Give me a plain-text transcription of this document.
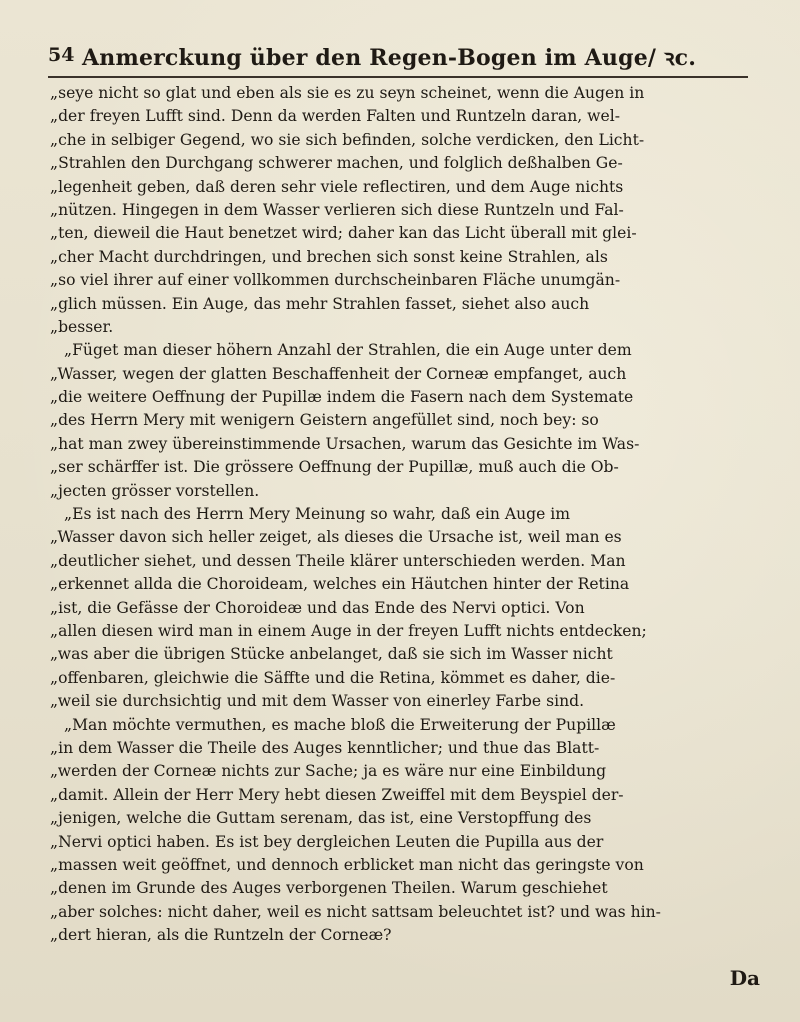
54 Anmerckung über den Regen-Bogen im Auge/ ꝛc.
„seye nicht so glat und eben als sie es zu seyn scheinet, wenn die Augen in
„der freyen Lufft sind. Denn da werden Falten und Runtzeln daran, wel-
„che in selbiger Gegend, wo sie sich befinden, solche verdicken, den Licht-
„Strahlen den Durchgang schwerer machen, und folglich deßhalben Ge-
„legenheit geben, daß deren sehr viele reflectiren, und dem Auge nichts
„nützen. Hingegen in dem Wasser verlieren sich diese Runtzeln und Fal-
„ten, dieweil die Haut benetzet wird; daher kan das Licht überall mit glei-
„cher Macht durchdringen, und brechen sich sonst keine Strahlen, als
„so viel ihrer auf einer vollkommen durchscheinbaren Fläche unumgän-
„glich müssen. Ein Auge, das mehr Strahlen fasset, siehet also auch
„besser.
„Füget man dieser höhern Anzahl der Strahlen, die ein Auge unter dem
„Wasser, wegen der glatten Beschaffenheit der Corneæ empfanget, auch
„die weitere Oeffnung der Pupillæ indem die Fasern nach dem Systemate
„des Herrn Mery mit wenigern Geistern angefüllet sind, noch bey: so
„hat man zwey übereinstimmende Ursachen, warum das Gesichte im Was-
„ser schärffer ist. Die grössere Oeffnung der Pupillæ, muß auch die Ob-
„jecten grösser vorstellen.
„Es ist nach des Herrn Mery Meinung so wahr, daß ein Auge im
„Wasser davon sich heller zeiget, als dieses die Ursache ist, weil man es
„deutlicher siehet, und dessen Theile klärer unterschieden werden. Man
„erkennet allda die Choroideam, welches ein Häutchen hinter der Retina
„ist, die Gefässe der Choroideæ und das Ende des Nervi optici. Von
„allen diesen wird man in einem Auge in der freyen Lufft nichts entdecken;
„was aber die übrigen Stücke anbelanget, daß sie sich im Wasser nicht
„offenbaren, gleichwie die Säffte und die Retina, kömmet es daher, die-
„weil sie durchsichtig und mit dem Wasser von einerley Farbe sind.
„Man möchte vermuthen, es mache bloß die Erweiterung der Pupillæ
„in dem Wasser die Theile des Auges kenntlicher; und thue das Blatt-
„werden der Corneæ nichts zur Sache; ja es wäre nur eine Einbildung
„damit. Allein der Herr Mery hebt diesen Zweiffel mit dem Beyspiel der-
„jenigen, welche die Guttam serenam, das ist, eine Verstopffung des
„Nervi optici haben. Es ist bey dergleichen Leuten die Pupilla aus der
„massen weit geöffnet, und dennoch erblicket man nicht das geringste von
„denen im Grunde des Auges verborgenen Theilen. Warum geschiehet
„aber solches: nicht daher, weil es nicht sattsam beleuchtet ist? und was hin-
„dert hieran, als die Runtzeln der Corneæ?
Da
